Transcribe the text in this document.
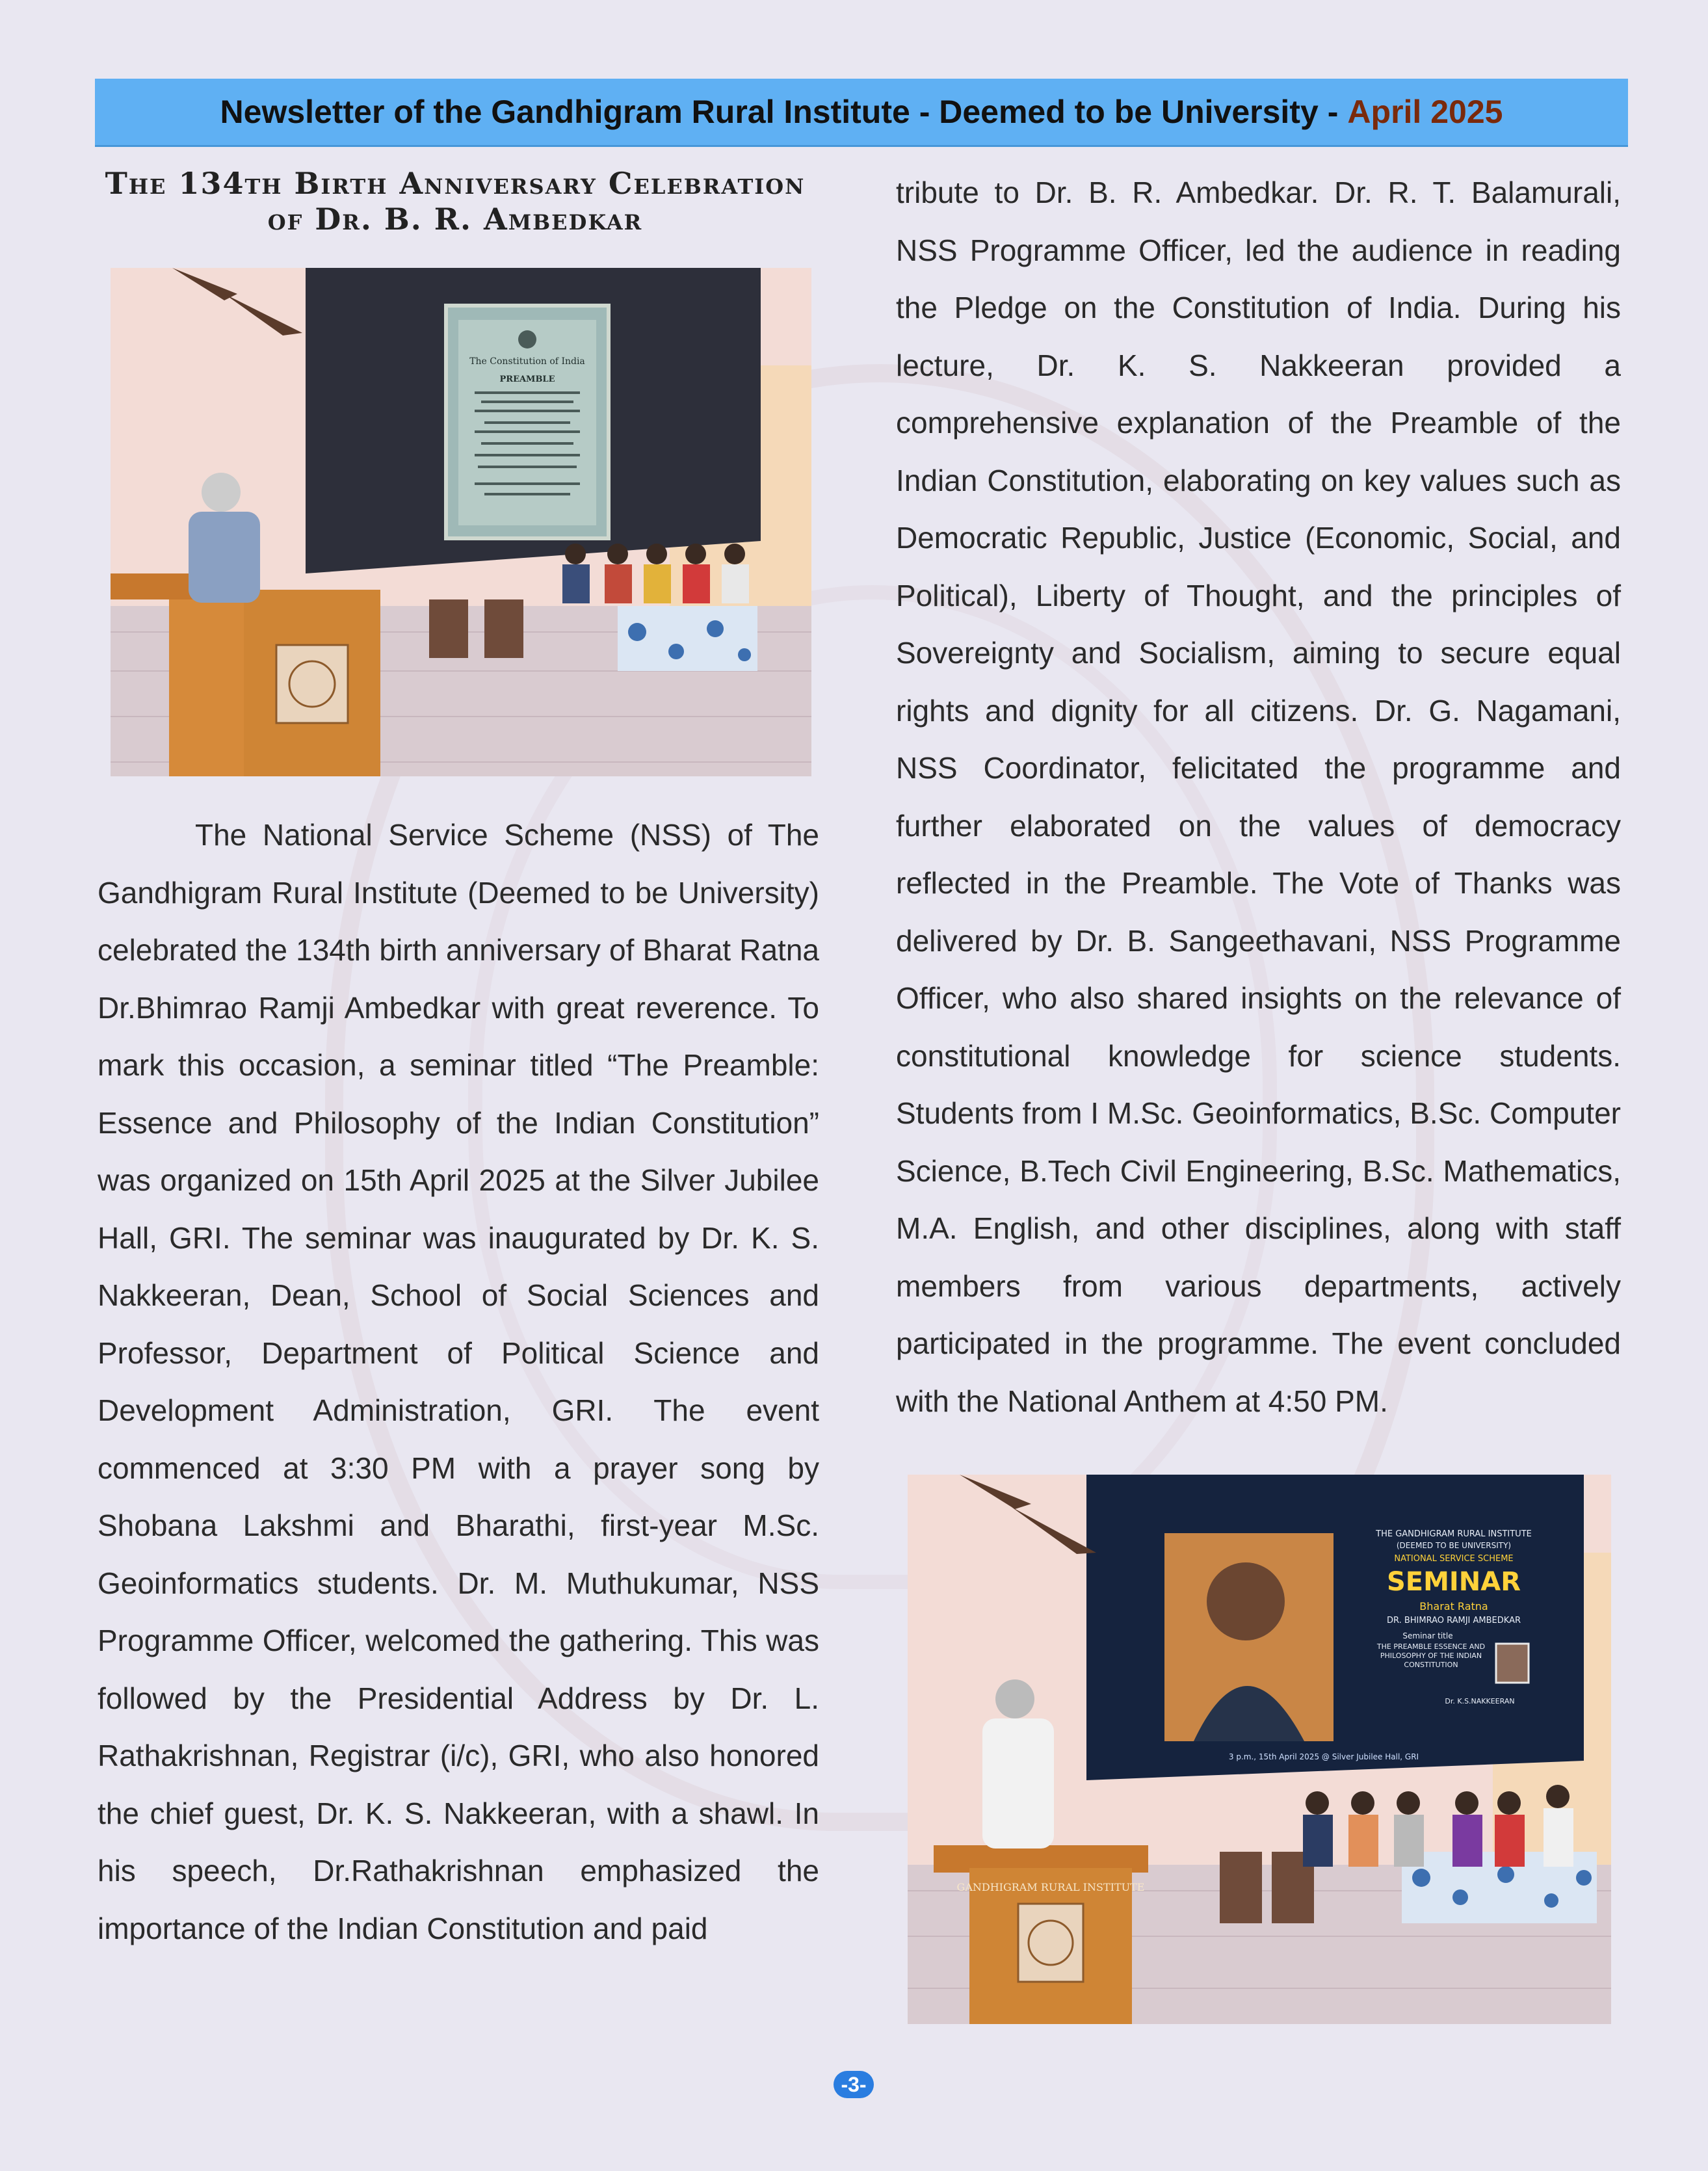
Newsletter of the Gandhigram Rural Institute - Deemed to be University - April 2025
The 134th Birth Anniversary Celebration of Dr. B. R. Ambedkar
The Constitution of India
PREAMBLE

The National Service Scheme (NSS) of The Gandhigram Rural Institute (Deemed to be University) celebrated the 134th birth anniversary of Bharat Ratna Dr.Bhimrao Ramji Ambedkar with great reverence. To mark this occasion, a seminar titled “The Preamble: Essence and Philosophy of the Indian Constitution” was organized on 15th April 2025 at the Silver Jubilee Hall, GRI. The seminar was inaugurated by Dr. K. S. Nakkeeran, Dean, School of Social Sciences and Professor, Department of Political Science and Development Administration, GRI. The event commenced at 3:30 PM with a prayer song by Shobana Lakshmi and Bharathi, first-year M.Sc. Geoinformatics students. Dr. M. Muthukumar, NSS Programme Officer, welcomed the gathering. This was followed by the Presidential Address by Dr. L. Rathakrishnan, Registrar (i/c), GRI, who also honored the chief guest, Dr. K. S. Nakkeeran, with a shawl. In his speech, Dr.Rathakrishnan emphasized the importance of the Indian Constitution and paid

tribute to Dr. B. R. Ambedkar. Dr. R. T. Balamurali, NSS Programme Officer, led the audience in reading the Pledge on the Constitution of India. During his lecture, Dr. K. S. Nakkeeran provided a comprehensive explanation of the Preamble of the Indian Constitution, elaborating on key values such as Democratic Republic, Justice (Economic, Social, and Political), Liberty of Thought, and the principles of Sovereignty and Socialism, aiming to secure equal rights and dignity for all citizens. Dr. G. Nagamani, NSS Coordinator, felicitated the programme and further elaborated on the values of democracy reflected in the Preamble. The Vote of Thanks was delivered by Dr. B. Sangeethavani, NSS Programme Officer, who also shared insights on the relevance of constitutional knowledge for science students. Students from I M.Sc. Geoinformatics, B.Sc. Computer Science, B.Tech Civil Engineering, B.Sc. Mathematics, M.A. English, and other disciplines, along with staff members from various departments, actively participated in the programme. The event concluded with the National Anthem at 4:50 PM.

THE GANDHIGRAM RURAL INSTITUTE
(DEEMED TO BE UNIVERSITY)
NATIONAL SERVICE SCHEME
SEMINAR
Bharat Ratna
DR. BHIMRAO RAMJI AMBEDKAR
Seminar title
THE PREAMBLE ESSENCE AND PHILOSOPHY OF THE INDIAN CONSTITUTION
Dr. K.S.NAKKEERAN
3 p.m., 15th April 2025 @ Silver Jubilee Hall, GRI
GANDHIGRAM RURAL INSTITUTE
-3-
